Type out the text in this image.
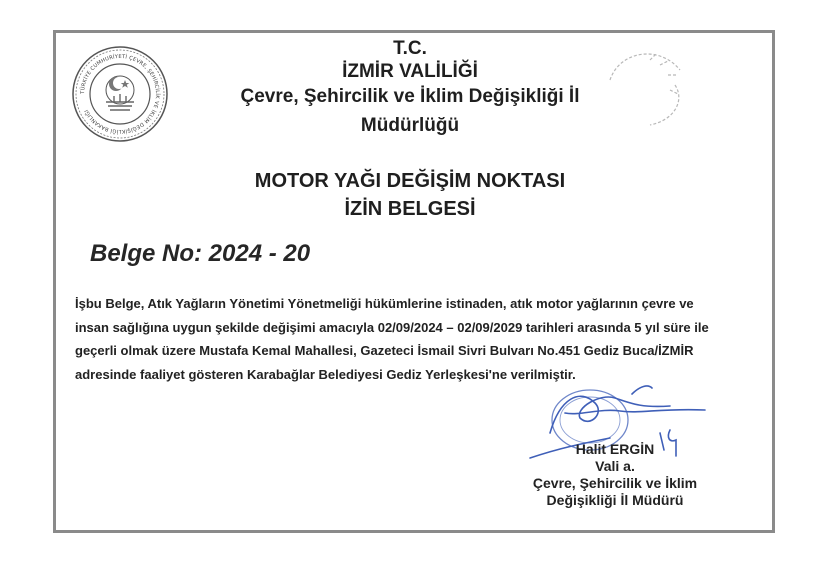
TÜRKİYE CUMHURİYETİ ÇEVRE, ŞEHİRCİLİK VE İKLİM DEĞİŞİKLİĞİ BAKANLIĞI
T.C.
İZMİR VALİLİĞİ
Çevre, Şehircilik ve İklim Değişikliği İl
Müdürlüğü
MOTOR YAĞI DEĞİŞİM NOKTASI
İZİN BELGESİ
Belge No: 2024 - 20

İşbu Belge, Atık Yağların Yönetimi Yönetmeliği hükümlerine istinaden, atık motor yağlarının çevre ve
insan sağlığına uygun şekilde değişimi amacıyla 02/09/2024 – 02/09/2029 tarihleri arasında 5 yıl süre ile
geçerli olmak üzere Mustafa Kemal Mahallesi, Gazeteci İsmail Sivri Bulvarı No.451 Gediz Buca/İZMİR
adresinde faaliyet gösteren Karabağlar Belediyesi Gediz Yerleşkesi'ne verilmiştir.

Halit ERGİN
Vali a.
Çevre, Şehircilik ve İklim
Değişikliği İl Müdürü
